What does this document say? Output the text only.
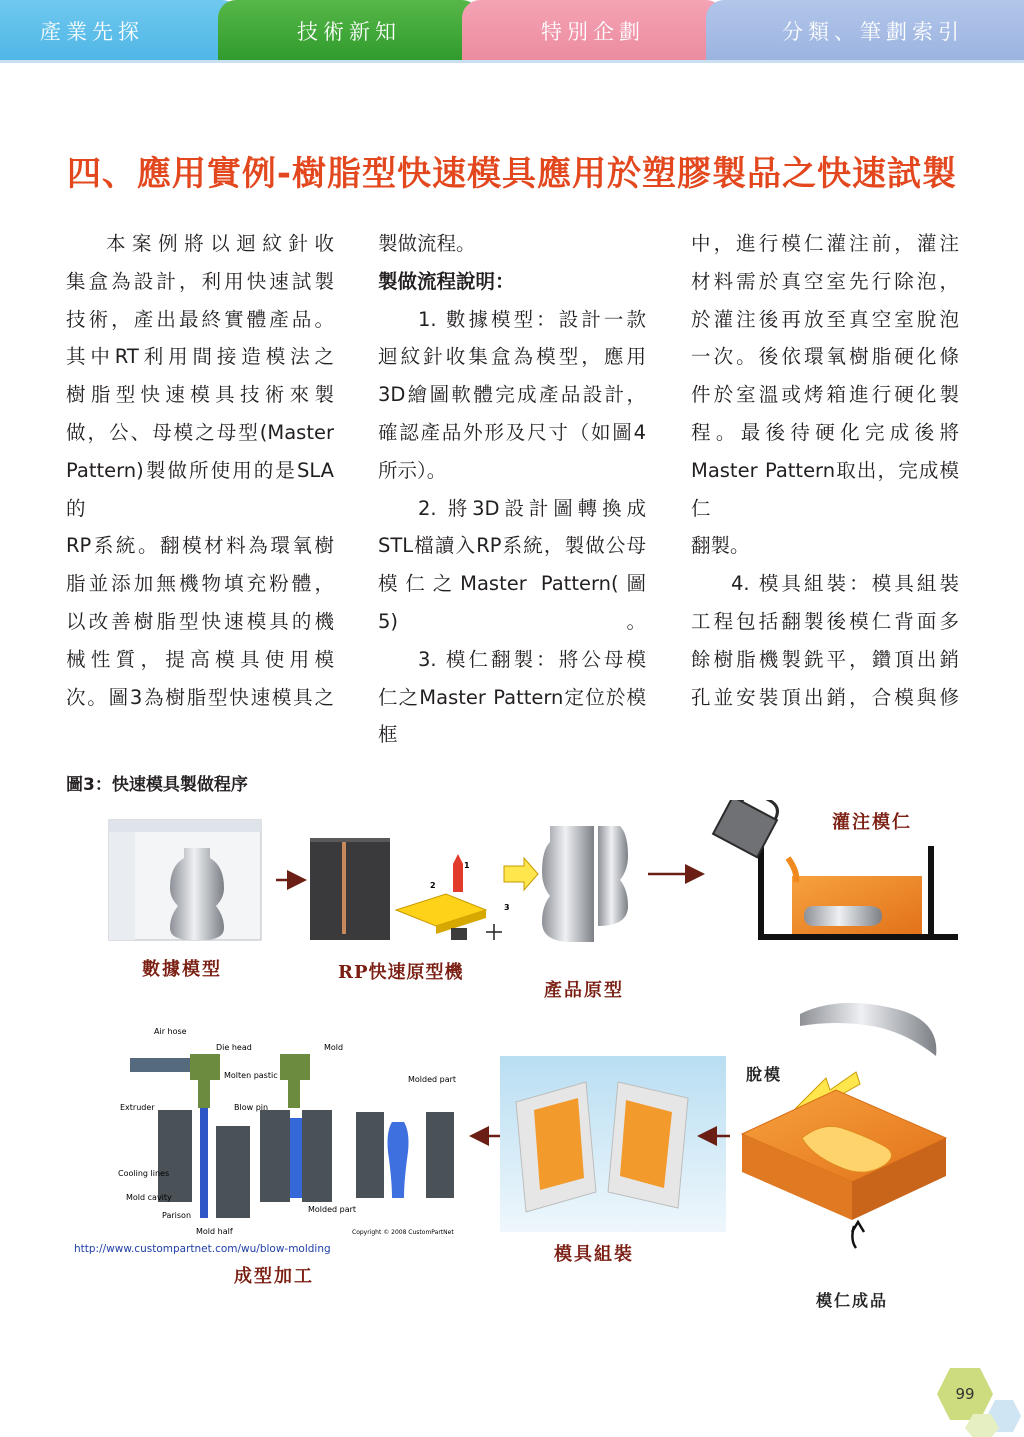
產業先探	技術新知	特別企劃	分類、筆劃索引
四、應用實例-樹脂型快速模具應用於塑膠製品之快速試製

本案例將以迴紋針收

集盒為設計，利用快速試製

技術，產出最終實體產品。

其中RT利用間接造模法之

樹脂型快速模具技術來製

做，公、母模之母型(Master

Pattern)製做所使用的是SLA的

RP系統。翻模材料為環氧樹

脂並添加無機物填充粉體，

以改善樹脂型快速模具的機

械性質，提高模具使用模

次。圖3為樹脂型快速模具之

製做流程。

製做流程說明：

1. 數據模型：設計一款

迴紋針收集盒為模型，應用

3D繪圖軟體完成產品設計，

確認產品外形及尺寸（如圖4

所示）。

2. 將3D設計圖轉換成

STL檔讀入RP系統，製做公母

模仁之Master Pattern(圖5)。

3. 模仁翻製：將公母模

仁之Master Pattern定位於模框

中，進行模仁灌注前，灌注

材料需於真空室先行除泡，

於灌注後再放至真空室脫泡

一次。後依環氧樹脂硬化條

件於室溫或烤箱進行硬化製

程。最後待硬化完成後將

Master Pattern取出，完成模仁

翻製。

4. 模具組裝：模具組裝

工程包括翻製後模仁背面多

餘樹脂機製銑平，鑽頂出銷

孔並安裝頂出銷，合模與修

圖3：快速模具製做程序
1
2
3
數據模型	RP快速原型機
產品原型
灌注模仁
Air hose
Die head
Molten pastic
Extruder	Blow pin
Cooling lines
Mold cavity
Parison
Mold half
Mold
Molded part
Molded part
Copyright © 2008 CustomPartNet
http://www.custompartnet.com/wu/blow-molding
成型加工
模具組裝
脫模
模仁成品
99
